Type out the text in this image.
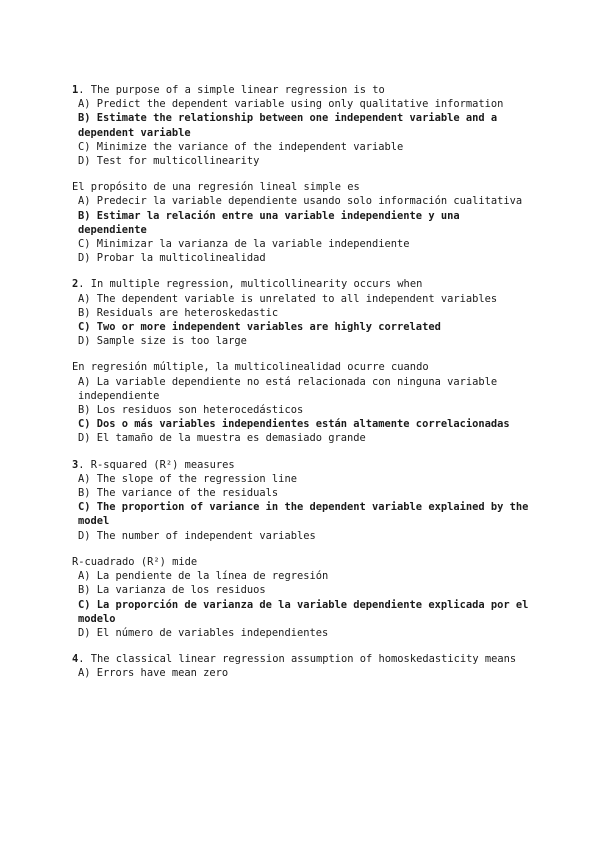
1. The purpose of a simple linear regression is to

A) Predict the dependent variable using only qualitative information

B) Estimate the relationship between one independent variable and a dependent variable

C) Minimize the variance of the independent variable

D) Test for multicollinearity

El propósito de una regresión lineal simple es

A) Predecir la variable dependiente usando solo información cualitativa

B) Estimar la relación entre una variable independiente y una dependiente

C) Minimizar la varianza de la variable independiente

D) Probar la multicolinealidad

2. In multiple regression, multicollinearity occurs when

A) The dependent variable is unrelated to all independent variables

B) Residuals are heteroskedastic

C) Two or more independent variables are highly correlated

D) Sample size is too large

En regresión múltiple, la multicolinealidad ocurre cuando

A) La variable dependiente no está relacionada con ninguna variable independiente

B) Los residuos son heterocedásticos

C) Dos o más variables independientes están altamente correlacionadas

D) El tamaño de la muestra es demasiado grande

3. R-squared (R²) measures

A) The slope of the regression line

B) The variance of the residuals

C) The proportion of variance in the dependent variable explained by the model

D) The number of independent variables

R-cuadrado (R²) mide

A) La pendiente de la línea de regresión

B) La varianza de los residuos

C) La proporción de varianza de la variable dependiente explicada por el modelo

D) El número de variables independientes

4. The classical linear regression assumption of homoskedasticity means

A) Errors have mean zero
